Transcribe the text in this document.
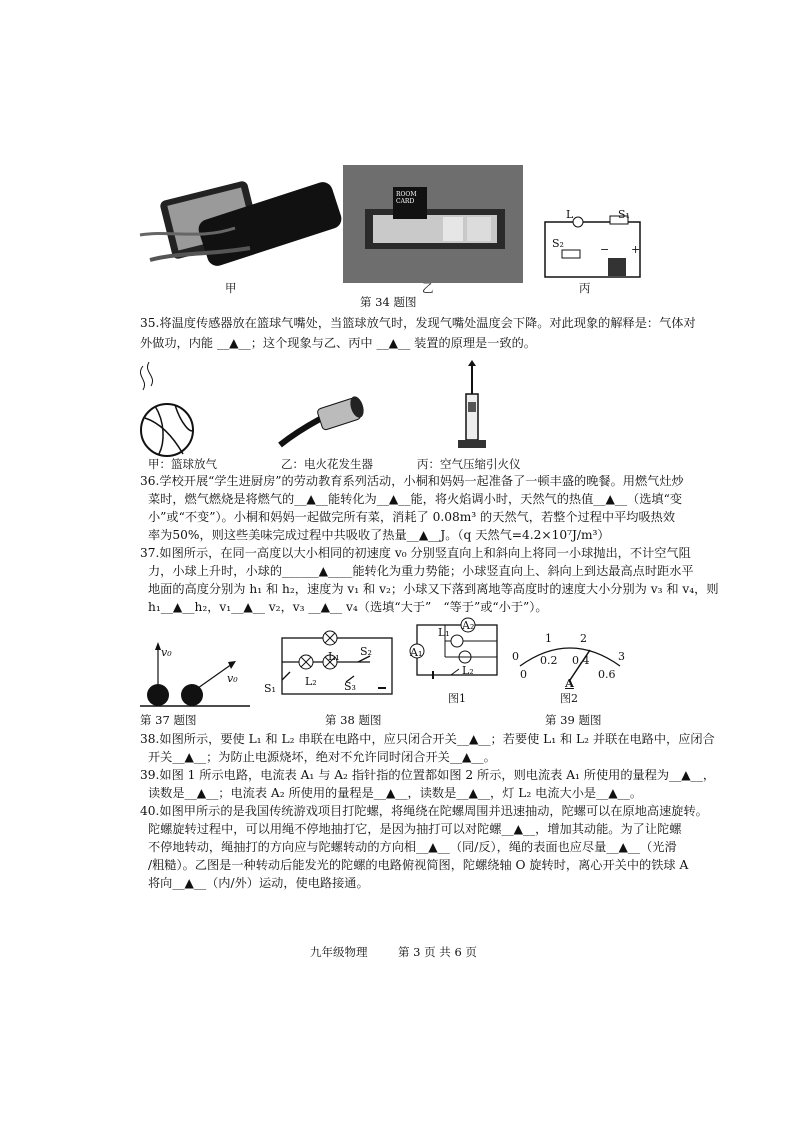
甲
ROOM CARD
乙
L	S₁
S₂	− +
丙
第 34 题图
35.将温度传感器放在篮球气嘴处，当篮球放气时，发现气嘴处温度会下降。对此现象的解释是：气体对
外做功，内能 __▲__；这个现象与乙、丙中 __▲__ 装置的原理是一致的。
甲：篮球放气	乙：电火花发生器	丙：空气压缩引火仪
36.学校开展“学生进厨房”的劳动教育系列活动，小桐和妈妈一起准备了一顿丰盛的晚餐。用燃气灶炒
菜时，燃气燃烧是将燃气的__▲__能转化为__▲__能，将火焰调小时，天然气的热值__▲__（选填“变
小”或“不变”）。小桐和妈妈一起做完所有菜，消耗了 0.08m³ 的天然气，若整个过程中平均吸热效
率为50%，则这些美味完成过程中共吸收了热量__▲__J。（q 天然气=4.2×10⁷J/m³）
37.如图所示，在同一高度以大小相同的初速度 v₀ 分别竖直向上和斜向上将同一小球抛出，不计空气阻
力，小球上升时，小球的______▲____能转化为重力势能；小球竖直向上、斜向上到达最高点时距水平
地面的高度分别为 h₁ 和 h₂，速度为 v₁ 和 v₂；小球又下落到离地等高度时的速度大小分别为 v₃ 和 v₄，则
h₁__▲__h₂，v₁__▲__ v₂，v₃ __▲__ v₄（选填“大于”　“等于”或“小于”）。
v₀
v₀
第 37 题图
L₁
L₂
S₁
S₂
S₃
第 38 题图
L₁
A₂
A₁
L₂
图1
1	2
0.2 0.4
0	3
0	0.6
A
图2
第 39 题图
38.如图所示，要使 L₁ 和 L₂ 串联在电路中，应只闭合开关__▲__；若要使 L₁ 和 L₂ 并联在电路中，应闭合
开关__▲__；为防止电源烧坏，绝对不允许同时闭合开关__▲__。
39.如图 1 所示电路，电流表 A₁ 与 A₂ 指针指的位置都如图 2 所示，则电流表 A₁ 所使用的量程为__▲__，
读数是__▲__；电流表 A₂ 所使用的量程是__▲__，读数是__▲__，灯 L₂ 电流大小是__▲__。
40.如图甲所示的是我国传统游戏项目打陀螺，将绳绕在陀螺周围并迅速抽动，陀螺可以在原地高速旋转。
陀螺旋转过程中，可以用绳不停地抽打它，是因为抽打可以对陀螺__▲__，增加其动能。为了让陀螺
不停地转动，绳抽打的方向应与陀螺转动的方向相__▲__（同/反），绳的表面也应尽量__▲__（光滑
/粗糙）。乙图是一种转动后能发光的陀螺的电路俯视简图，陀螺绕轴 O 旋转时，离心开关中的铁球 A
将向__▲__（内/外）运动，使电路接通。
九年级物理	第 3 页 共 6 页
